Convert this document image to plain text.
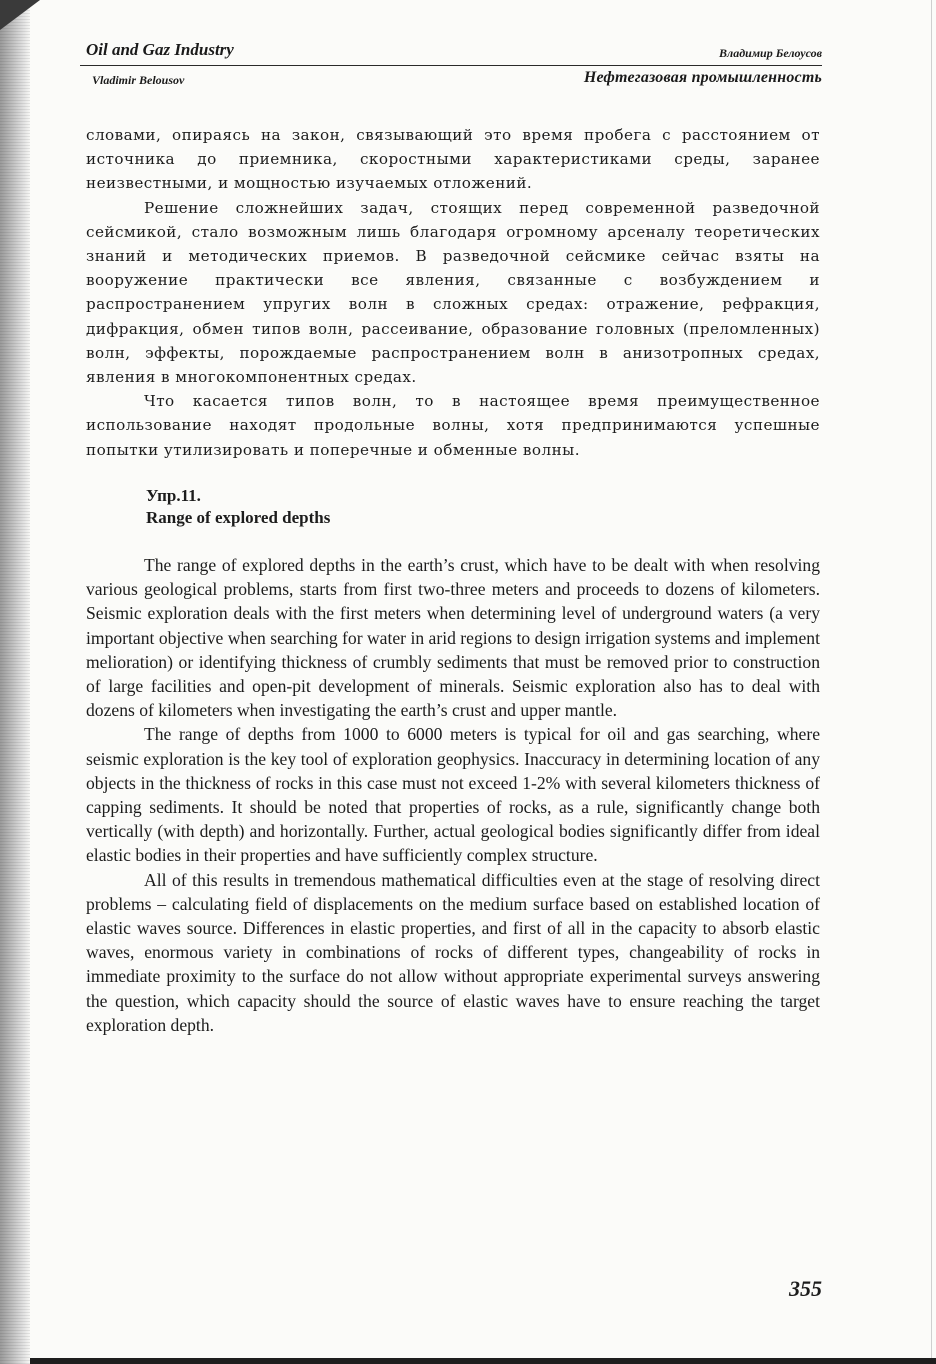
Oil and Gaz Industry	Владимир Белоусов
Vladimir Belousov	Нефтегазовая промышленность

словами, опираясь на закон, связывающий это время пробега с расстоянием от источника до приемника, скоростными характеристиками среды, заранее неизвестными, и мощностью изучаемых отложений.

Решение сложнейших задач, стоящих перед современной разведочной сейсмикой, стало возможным лишь благодаря огромному арсеналу теоретических знаний и методических приемов. В разведочной сейсмике сейчас взяты на вооружение практически все явления, связанные с возбуждением и распространением упругих волн в сложных средах: отражение, рефракция, дифракция, обмен типов волн, рассеивание, образование головных (преломленных) волн, эффекты, порождаемые распространением волн в анизотропных средах, явления в многокомпонентных средах.

Что касается типов волн, то в настоящее время преимущественное использование находят продольные волны, хотя предпринимаются успешные попытки утилизировать и поперечные и обменные волны.

Упр.11.
Range of explored depths

The range of explored depths in the earth’s crust, which have to be dealt with when resolving various geological problems, starts from first two-three meters and proceeds to dozens of kilometers. Seismic exploration deals with the first meters when determining level of underground waters (a very important objective when searching for water in arid regions to design irrigation systems and implement melioration) or identifying thickness of crumbly sediments that must be removed prior to construction of large facilities and open-pit development of minerals. Seismic exploration also has to deal with dozens of kilometers when investigating the earth’s crust and upper mantle.

The range of depths from 1000 to 6000 meters is typical for oil and gas searching, where seismic exploration is the key tool of exploration geophysics. Inaccuracy in determining location of any objects in the thickness of rocks in this case must not exceed 1-2% with several kilometers thickness of capping sediments. It should be noted that properties of rocks, as a rule, significantly change both vertically (with depth) and horizontally. Further, actual geological bodies significantly differ from ideal elastic bodies in their properties and have sufficiently complex structure.

All of this results in tremendous mathematical difficulties even at the stage of resolving direct problems – calculating field of displacements on the medium surface based on established location of elastic waves source. Differences in elastic properties, and first of all in the capacity to absorb elastic waves, enormous variety in combinations of rocks of different types, changeability of rocks in immediate proximity to the surface do not allow without appropriate experimental surveys answering the question, which capacity should the source of elastic waves have to ensure reaching the target exploration depth.

355
